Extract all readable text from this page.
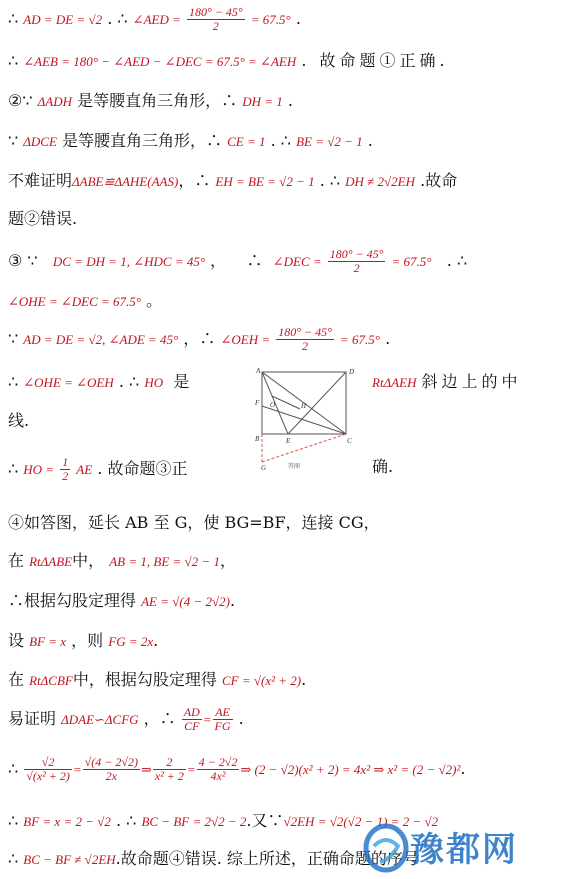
∴ AD = DE = √2 . ∴ ∠AED = $\frac{180^\circ - 45^\circ}{2} = 67.5^\circ$ .
∴ ∠AEB = 180° − ∠AED − ∠DEC = 67.5° = ∠AEH . 故命题①正确.
②∵ ΔADH 是等腰直角三角形，∴ DH = 1 .
∵ ΔDCE 是等腰直角三角形，∴ CE = 1 . ∴ BE = √2 − 1 .
不难证明ΔABE≌ΔAHE(AAS)，∴ EH = BE = √2 − 1 . ∴ DH ≠ 2√2EH .故命
题②错误.
③ ∵ DC = DH = 1, ∠HDC = 45° ， ∴ ∠DEC = $\frac{180^\circ - 45^\circ}{2} = 67.5^\circ$ . ∴
∠OHE = ∠DEC = 67.5° 。
∵ AD = DE = √2, ∠ADE = 45° ，∴ ∠OEH = $\frac{180^\circ - 45^\circ}{2} = 67.5^\circ$ .
∴ ∠OHE = ∠OEH . ∴ HO 是	RtΔAEH 斜边上的中
线.
∴ HO = $\frac{1}{2}$ AE . 故命题③正	确.
A	D
F	H
O
B	E	C
G	答图
④如答图，延长 AB 至 G，使 BG=BF，连接 CG，
在 RtΔABE中， AB = 1, BE = √2 − 1，
∴根据勾股定理得 AE = √(4 − 2√2).
设 BF = x ，则 FG = 2x.
在 RtΔCBF中，根据勾股定理得 CF = √(x² + 2).
易证明 ΔDAE∽ΔCFG ，∴ $\frac{AD}{CF} = \frac{AE}{FG}$ .
∴ $\frac{√2}{\text{√(x² + 2)}} = \frac{√(4 - 2√2)}{2x}$ ⇒ $\frac{2}{\text{x² + 2}} = \frac{4 - 2√2}{\text{4x²}}$ ⇒ (2 − √2)(x² + 2) = 4x² ⇒ x² = (2 − √2)².
∴ BF = x = 2 − √2 . ∴ BC − BF = 2√2 − 2.又∵√2EH = √2(√2 − 1) = 2 − √2
∴ BC − BF ≠ √2EH.故命题④错误. 综上所述，正确命题的序号
豫都网
